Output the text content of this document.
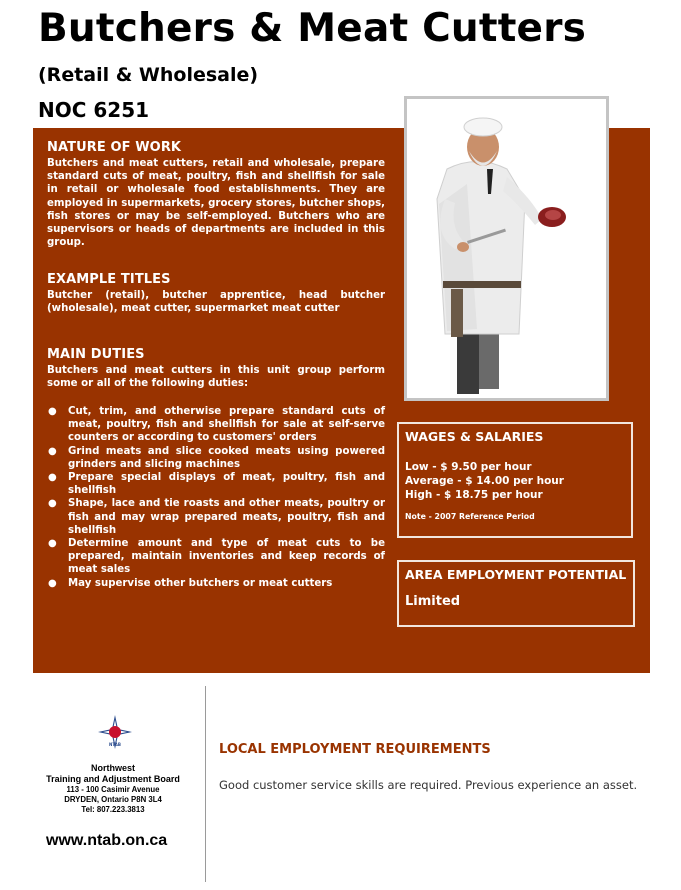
Butchers & Meat Cutters
(Retail & Wholesale)
NOC 6251
NATURE OF WORK

Butchers and meat cutters, retail and wholesale, prepare standard cuts of meat, poultry, fish and shellfish for sale in retail or wholesale food establishments. They are employed in supermarkets, grocery stores, butcher shops, fish stores or may be self-employed. Butchers who are supervisors or heads of departments are included in this group.

EXAMPLE TITLES

Butcher (retail), butcher apprentice, head butcher (wholesale), meat cutter, supermarket meat cutter

MAIN DUTIES

Butchers and meat cutters in this unit group perform some or all of the following duties:

● Cut, trim, and otherwise prepare standard cuts of meat, poultry, fish and shellfish for sale at self-serve counters or according to customers' orders
● Grind meats and slice cooked meats using powered grinders and slicing machines
● Prepare special displays of meat, poultry, fish and shellfish
● Shape, lace and tie roasts and other meats, poultry or fish and may wrap prepared meats, poultry, fish and shellfish
● Determine amount and type of meat cuts to be prepared, maintain inventories and keep records of meat sales
● May supervise other butchers or meat cutters
WAGES & SALARIES
Low - $ 9.50 per hour
Average - $ 14.00 per hour
High - $ 18.75 per hour
Note - 2007 Reference Period
AREA EMPLOYMENT POTENTIAL
Limited
NTAB
Northwest
Training and Adjustment Board
113 - 100 Casimir Avenue
DRYDEN, Ontario P8N 3L4
Tel: 807.223.3813
www.ntab.on.ca
LOCAL EMPLOYMENT REQUIREMENTS
Good customer service skills are required. Previous experience an asset.
